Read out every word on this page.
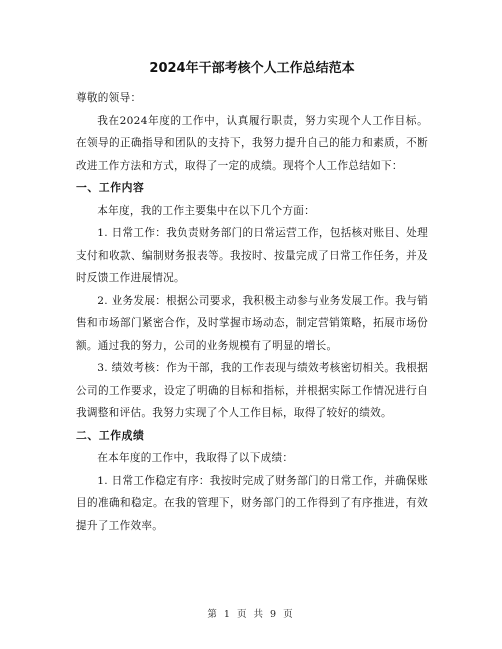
2024年干部考核个人工作总结范本
尊敬的领导：
我在2024年度的工作中，认真履行职责，努力实现个人工作目标。在领导的正确指导和团队的支持下，我努力提升自己的能力和素质，不断改进工作方法和方式，取得了一定的成绩。现将个人工作总结如下：
一、工作内容
本年度，我的工作主要集中在以下几个方面：
1. 日常工作：我负责财务部门的日常运营工作，包括核对账目、处理支付和收款、编制财务报表等。我按时、按量完成了日常工作任务，并及时反馈工作进展情况。
2. 业务发展：根据公司要求，我积极主动参与业务发展工作。我与销售和市场部门紧密合作，及时掌握市场动态，制定营销策略，拓展市场份额。通过我的努力，公司的业务规模有了明显的增长。
3. 绩效考核：作为干部，我的工作表现与绩效考核密切相关。我根据公司的工作要求，设定了明确的目标和指标，并根据实际工作情况进行自我调整和评估。我努力实现了个人工作目标，取得了较好的绩效。
二、工作成绩
在本年度的工作中，我取得了以下成绩：
1. 日常工作稳定有序：我按时完成了财务部门的日常工作，并确保账目的准确和稳定。在我的管理下，财务部门的工作得到了有序推进，有效提升了工作效率。
第 1 页 共 9 页
